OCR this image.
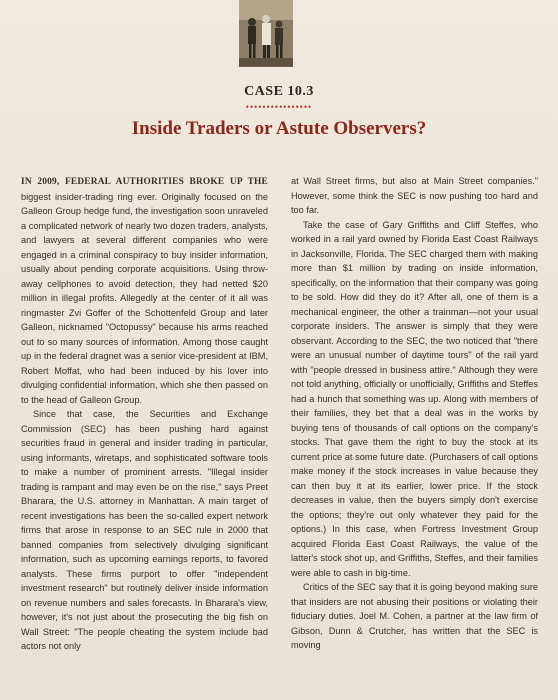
CASE 10.3
••••••••••••••••
Inside Traders or Astute Observers?

IN 2009, FEDERAL AUTHORITIES BROKE UP THE biggest insider-trading ring ever. Originally focused on the Galleon Group hedge fund, the investigation soon unraveled a complicated network of nearly two dozen traders, analysts, and lawyers at several different companies who were engaged in a criminal conspiracy to buy insider information, usually about pending corporate acquisitions. Using throw-away cellphones to avoid detection, they had netted $20 million in illegal profits. Allegedly at the center of it all was ringmaster Zvi Goffer of the Schottenfeld Group and later Galleon, nicknamed "Octopussy" because his arms reached out to so many sources of information. Among those caught up in the federal dragnet was a senior vice-president at IBM, Robert Moffat, who had been induced by his lover into divulging confidential information, which she then passed on to the head of Galleon Group.

Since that case, the Securities and Exchange Commission (SEC) has been pushing hard against securities fraud in general and insider trading in particular, using informants, wiretaps, and sophisticated software tools to make a number of prominent arrests. "Illegal insider trading is rampant and may even be on the rise," says Preet Bharara, the U.S. attorney in Manhattan. A main target of recent investigations has been the so-called expert network firms that arose in response to an SEC rule in 2000 that banned companies from selectively divulging significant information, such as upcoming earnings reports, to favored analysts. These firms purport to offer "independent investment research" but routinely deliver inside information on revenue numbers and sales forecasts. In Bharara's view, however, it's not just about the prosecuting the big fish on Wall Street: "The people cheating the system include bad actors not only

at Wall Street firms, but also at Main Street companies." However, some think the SEC is now pushing too hard and too far.

Take the case of Gary Griffiths and Cliff Steffes, who worked in a rail yard owned by Florida East Coast Railways in Jacksonville, Florida. The SEC charged them with making more than $1 million by trading on inside information, specifically, on the information that their company was going to be sold. How did they do it? After all, one of them is a mechanical engineer, the other a trainman—not your usual corporate insiders. The answer is simply that they were observant. According to the SEC, the two noticed that "there were an unusual number of daytime tours" of the rail yard with "people dressed in business attire." Although they were not told anything, officially or unofficially, Griffiths and Steffes had a hunch that something was up. Along with members of their families, they bet that a deal was in the works by buying tens of thousands of call options on the company's stocks. That gave them the right to buy the stock at its current price at some future date. (Purchasers of call options make money if the stock increases in value because they can then buy it at its earlier, lower price. If the stock decreases in value, then the buyers simply don't exercise the options; they're out only whatever they paid for the options.) In this case, when Fortress Investment Group acquired Florida East Coast Railways, the value of the latter's stock shot up, and Griffiths, Steffes, and their families were able to cash in big-time.

Critics of the SEC say that it is going beyond making sure that insiders are not abusing their positions or violating their fiduciary duties. Joel M. Cohen, a partner at the law firm of Gibson, Dunn & Crutcher, has written that the SEC is moving
